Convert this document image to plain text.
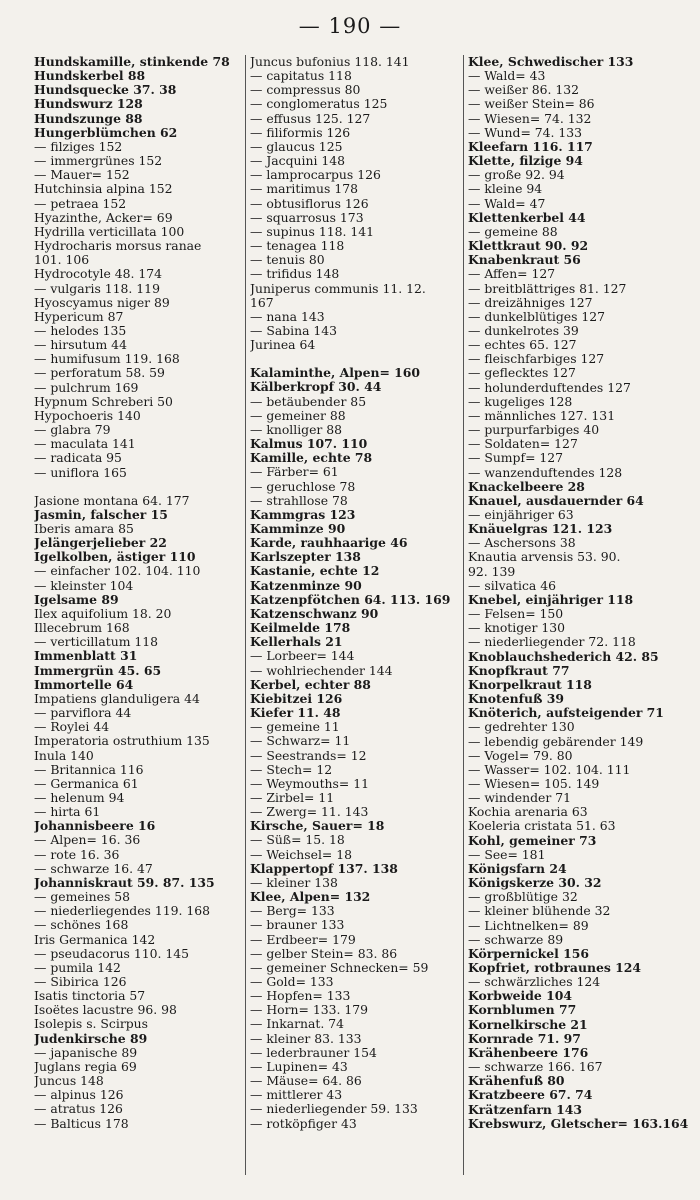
— 190 —
Hundskamille, stinkende 78
Hundskerbel 88
Hundsquecke 37. 38
Hundswurz 128
Hundszunge 88
Hungerblümchen 62
— filziges 152
— immergrünes 152
— Mauer= 152
Hutchinsia alpina 152
— petraea 152
Hyazinthe, Acker= 69
Hydrilla verticillata 100
Hydrocharis morsus ranae
101. 106
Hydrocotyle 48. 174
— vulgaris 118. 119
Hyoscyamus niger 89
Hypericum 87
— helodes 135
— hirsutum 44
— humifusum 119. 168
— perforatum 58. 59
— pulchrum 169
Hypnum Schreberi 50
Hypochoeris 140
— glabra 79
— maculata 141
— radicata 95
— uniflora 165
Jasione montana 64. 177
Jasmin, falscher 15
Iberis amara 85
Jelängerjelieber 22
Igelkolben, ästiger 110
— einfacher 102. 104. 110
— kleinster 104
Igelsame 89
Ilex aquifolium 18. 20
Illecebrum 168
— verticillatum 118
Immenblatt 31
Immergrün 45. 65
Immortelle 64
Impatiens glanduligera 44
— parviflora 44
— Roylei 44
Imperatoria ostruthium 135
Inula 140
— Britannica 116
— Germanica 61
— helenum 94
— hirta 61
Johannisbeere 16
— Alpen= 16. 36
— rote 16. 36
— schwarze 16. 47
Johanniskraut 59. 87. 135
— gemeines 58
— niederliegendes 119. 168
— schönes 168
Iris Germanica 142
— pseudacorus 110. 145
— pumila 142
— Sibirica 126
Isatis tinctoria 57
Isoëtes lacustre 96. 98
Isolepis s. Scirpus
Judenkirsche 89
— japanische 89
Juglans regia 69
Juncus 148
— alpinus 126
— atratus 126
— Balticus 178
Juncus bufonius 118. 141
— capitatus 118
— compressus 80
— conglomeratus 125
— effusus 125. 127
— filiformis 126
— glaucus 125
— Jacquini 148
— lamprocarpus 126
— maritimus 178
— obtusiflorus 126
— squarrosus 173
— supinus 118. 141
— tenagea 118
— tenuis 80
— trifidus 148
Juniperus communis 11. 12.
167
— nana 143
— Sabina 143
Jurinea 64
Kalaminthe, Alpen= 160
Kälberkropf 30. 44
— betäubender 85
— gemeiner 88
— knolliger 88
Kalmus 107. 110
Kamille, echte 78
— Färber= 61
— geruchlose 78
— strahllose 78
Kammgras 123
Kamminze 90
Karde, rauhhaarige 46
Karlszepter 138
Kastanie, echte 12
Katzenminze 90
Katzenpfötchen 64. 113. 169
Katzenschwanz 90
Keilmelde 178
Kellerhals 21
— Lorbeer= 144
— wohlriechender 144
Kerbel, echter 88
Kiebitzei 126
Kiefer 11. 48
— gemeine 11
— Schwarz= 11
— Seestrands= 12
— Stech= 12
— Weymouths= 11
— Zirbel= 11
— Zwerg= 11. 143
Kirsche, Sauer= 18
— Süß= 15. 18
— Weichsel= 18
Klappertopf 137. 138
— kleiner 138
Klee, Alpen= 132
— Berg= 133
— brauner 133
— Erdbeer= 179
— gelber Stein= 83. 86
— gemeiner Schnecken= 59
— Gold= 133
— Hopfen= 133
— Horn= 133. 179
— Inkarnat. 74
— kleiner 83. 133
— lederbrauner 154
— Lupinen= 43
— Mäuse= 64. 86
— mittlerer 43
— niederliegender 59. 133
— rotköpfiger 43
Klee, Schwedischer 133
— Wald= 43
— weißer 86. 132
— weißer Stein= 86
— Wiesen= 74. 132
— Wund= 74. 133
Kleefarn 116. 117
Klette, filzige 94
— große 92. 94
— kleine 94
— Wald= 47
Klettenkerbel 44
— gemeine 88
Klettkraut 90. 92
Knabenkraut 56
— Affen= 127
— breitblättriges 81. 127
— dreizähniges 127
— dunkelblütiges 127
— dunkelrotes 39
— echtes 65. 127
— fleischfarbiges 127
— geflecktes 127
— holunderduftendes 127
— kugeliges 128
— männliches 127. 131
— purpurfarbiges 40
— Soldaten= 127
— Sumpf= 127
— wanzenduftendes 128
Knackelbeere 28
Knauel, ausdauernder 64
— einjähriger 63
Knäuelgras 121. 123
— Aschersons 38
Knautia arvensis 53. 90.
92. 139
— silvatica 46
Knebel, einjähriger 118
— Felsen= 150
— knotiger 130
— niederliegender 72. 118
Knoblauchshederich 42. 85
Knopfkraut 77
Knorpelkraut 118
Knotenfuß 39
Knöterich, aufsteigender 71
— gedrehter 130
— lebendig gebärender 149
— Vogel= 79. 80
— Wasser= 102. 104. 111
— Wiesen= 105. 149
— windender 71
Kochia arenaria 63
Koeleria cristata 51. 63
Kohl, gemeiner 73
— See= 181
Königsfarn 24
Königskerze 30. 32
— großblütige 32
— kleiner blühende 32
— Lichtnelken= 89
— schwarze 89
Körpernickel 156
Kopfriet, rotbraunes 124
— schwärzliches 124
Korbweide 104
Kornblumen 77
Kornelkirsche 21
Kornrade 71. 97
Krähenbeere 176
— schwarze 166. 167
Krähenfuß 80
Kratzbeere 67. 74
Krätzenfarn 143
Krebswurz, Gletscher= 163.164
